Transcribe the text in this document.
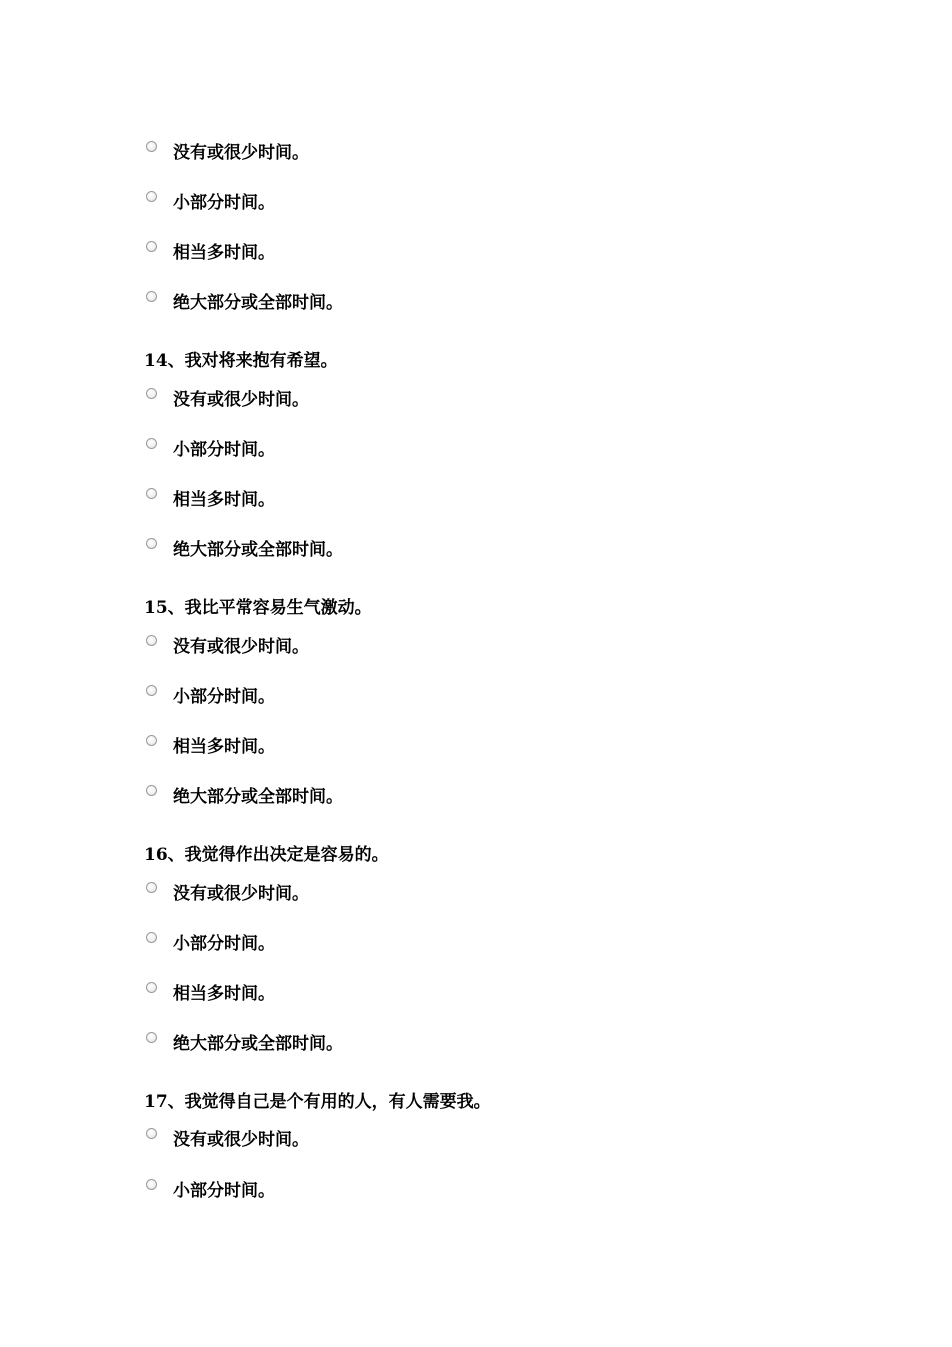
没有或很少时间。
小部分时间。
相当多时间。
绝大部分或全部时间。
14、我对将来抱有希望。
没有或很少时间。
小部分时间。
相当多时间。
绝大部分或全部时间。
15、我比平常容易生气激动。
没有或很少时间。
小部分时间。
相当多时间。
绝大部分或全部时间。
16、我觉得作出决定是容易的。
没有或很少时间。
小部分时间。
相当多时间。
绝大部分或全部时间。
17、我觉得自己是个有用的人，有人需要我。
没有或很少时间。
小部分时间。
